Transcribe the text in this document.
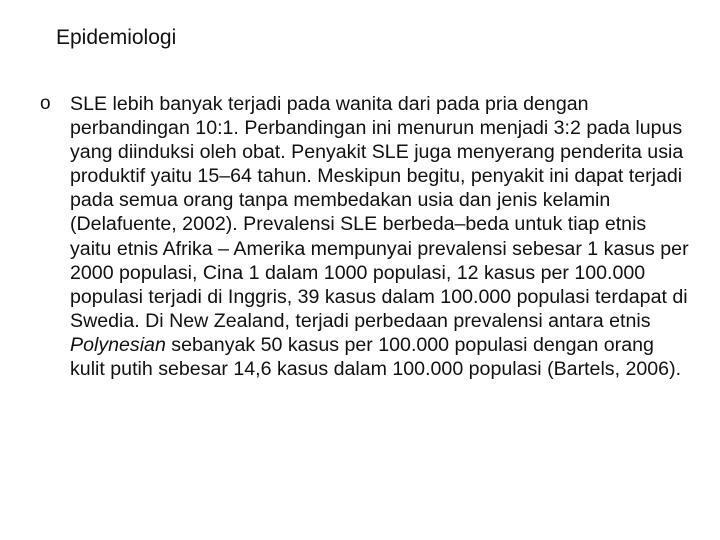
Epidemiologi
o SLE lebih banyak terjadi pada wanita dari pada pria dengan perbandingan 10:1. Perbandingan ini menurun menjadi 3:2 pada lupus yang diinduksi oleh obat. Penyakit SLE juga menyerang penderita usia produktif yaitu 15–64 tahun. Meskipun begitu, penyakit ini dapat terjadi pada semua orang tanpa membedakan usia dan jenis kelamin (Delafuente, 2002). Prevalensi SLE berbeda–beda untuk tiap etnis yaitu etnis Afrika – Amerika mempunyai prevalensi sebesar 1 kasus per 2000 populasi, Cina 1 dalam 1000 populasi, 12 kasus per 100.000 populasi terjadi di Inggris, 39 kasus dalam 100.000 populasi terdapat di Swedia. Di New Zealand, terjadi perbedaan prevalensi antara etnis Polynesian sebanyak 50 kasus per 100.000 populasi dengan orang kulit putih sebesar 14,6 kasus dalam 100.000 populasi (Bartels, 2006).
